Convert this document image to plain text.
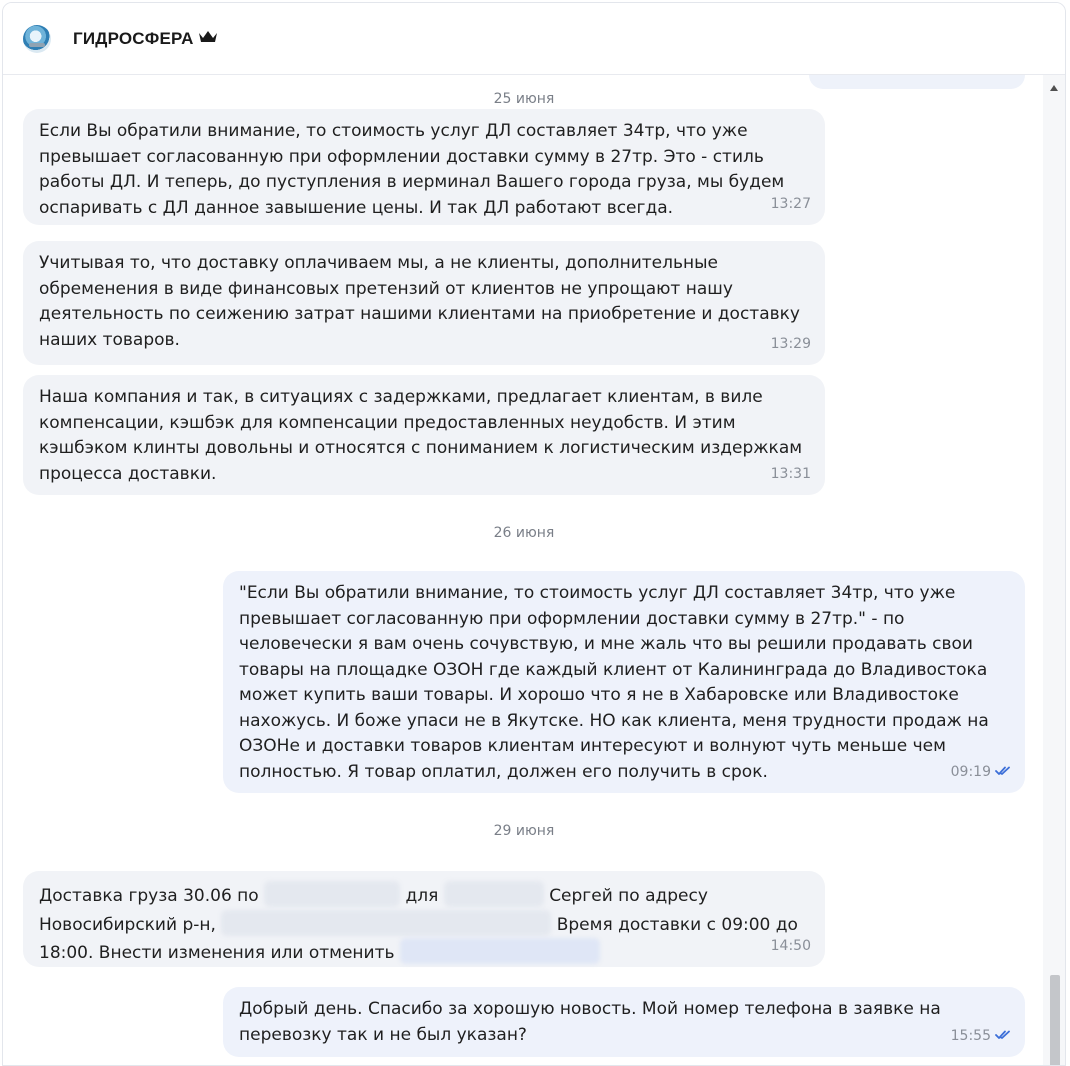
ГИДРОСФЕРА
25 июня
Если Вы обратили внимание, то стоимость услуг ДЛ составляет 34тр, что уже
превышает согласованную при оформлении доставки сумму в 27тр. Это - стиль
работы ДЛ. И теперь, до пуступления в иерминал Вашего города груза, мы будем
оспаривать с ДЛ данное завышение цены. И так ДЛ работают всегда.	13:27
Учитывая то, что доставку оплачиваем мы, а не клиенты, дополнительные
обременения в виде финансовых претензий от клиентов не упрощают нашу
деятельность по сеижению затрат нашими клиентами на приобретение и доставку
наших товаров.	13:29
Наша компания и так, в ситуациях с задержками, предлагает клиентам, в виле
компенсации, кэшбэк для компенсации предоставленных неудобств. И этим
кэшбэком клинты довольны и относятся с пониманием к логистическим издержкам
процесса доставки.	13:31
26 июня
"Если Вы обратили внимание, то стоимость услуг ДЛ составляет 34тр, что уже
превышает согласованную при оформлении доставки сумму в 27тр." - по
человечески я вам очень сочувствую, и мне жаль что вы решили продавать свои
товары на площадке ОЗОН где каждый клиент от Калининграда до Владивостока
может купить ваши товары. И хорошо что я не в Хабаровске или Владивостоке
нахожусь. И боже упаси не в Якутске. НО как клиента, меня трудности продаж на
ОЗОНе и доставки товаров клиентам интересуют и волнуют чуть меньше чем
полностью. Я товар оплатил, должен его получить в срок.	09:19
29 июня
Доставка груза 30.06 по	для	Сергей по адресу
Новосибирский р-н,	Время доставки с 09:00 до
18:00. Внести изменения или отменить	14:50
Добрый день. Спасибо за хорошую новость. Мой номер телефона в заявке на
перевозку так и не был указан?	15:55
